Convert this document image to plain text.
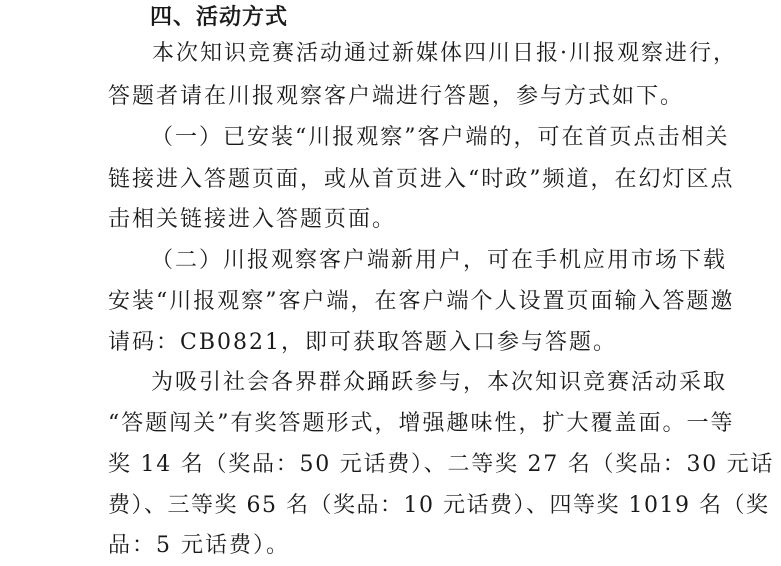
四、活动方式
本次知识竞赛活动通过新媒体四川日报·川报观察进行，
答题者请在川报观察客户端进行答题，参与方式如下。
（一）已安装“川报观察”客户端的，可在首页点击相关
链接进入答题页面，或从首页进入“时政”频道，在幻灯区点
击相关链接进入答题页面。
（二）川报观察客户端新用户，可在手机应用市场下载
安装“川报观察”客户端，在客户端个人设置页面输入答题邀
请码：CB0821，即可获取答题入口参与答题。
为吸引社会各界群众踊跃参与，本次知识竞赛活动采取
“答题闯关”有奖答题形式，增强趣味性，扩大覆盖面。一等
奖 14 名（奖品：50 元话费）、二等奖 27 名（奖品：30 元话
费）、三等奖 65 名（奖品：10 元话费）、四等奖 1019 名（奖
品：5 元话费）。
